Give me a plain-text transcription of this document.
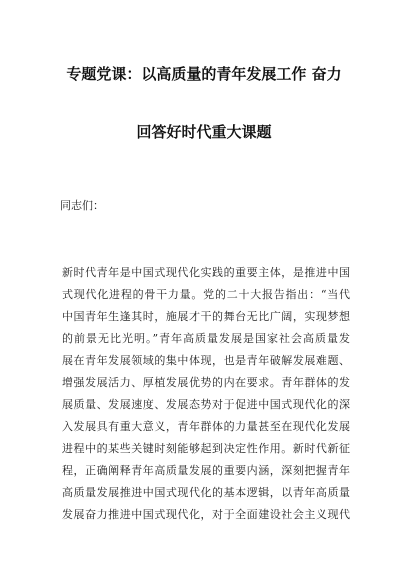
专题党课：以高质量的青年发展工作 奋力
回答好时代重大课题
同志们：
新时代青年是中国式现代化实践的重要主体，是推进中国
式现代化进程的骨干力量。党的二十大报告指出：“当代
中国青年生逢其时，施展才干的舞台无比广阔，实现梦想
的前景无比光明。”青年高质量发展是国家社会高质量发
展在青年发展领域的集中体现，也是青年破解发展难题、
增强发展活力、厚植发展优势的内在要求。青年群体的发
展质量、发展速度、发展态势对于促进中国式现代化的深
入发展具有重大意义，青年群体的力量甚至在现代化发展
进程中的某些关键时刻能够起到决定性作用。新时代新征
程，正确阐释青年高质量发展的重要内涵，深刻把握青年
高质量发展推进中国式现代化的基本逻辑，以青年高质量
发展奋力推进中国式现代化，对于全面建设社会主义现代
